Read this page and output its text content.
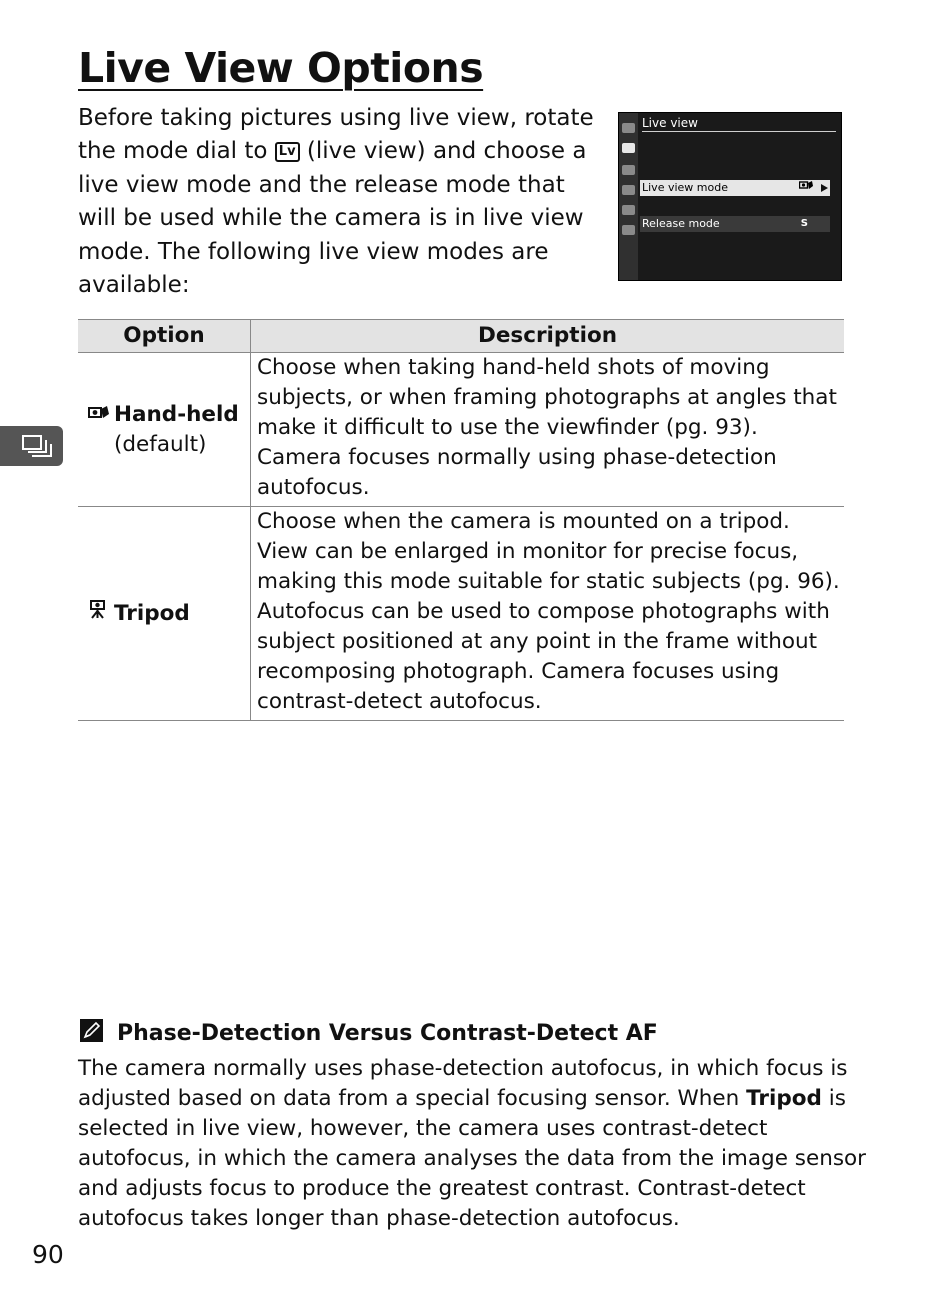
Live View Options

Before taking pictures using live view, rotate the mode dial to Lv (live view) and choose a live view mode and the release mode that will be used while the camera is in live view mode. The following live view modes are available:

Live view
Live view mode
Release mode	S
Option	Description

Hand-held
(default)	Choose when taking hand-held shots of moving subjects, or when framing photographs at angles that make it difficult to use the viewfinder (pg. 93). Camera focuses normally using phase-detection autofocus.

Tripod	Choose when the camera is mounted on a tripod. View can be enlarged in monitor for precise focus, making this mode suitable for static subjects (pg. 96). Autofocus can be used to compose photographs with subject positioned at any point in the frame without recomposing photograph. Camera focuses using contrast-detect autofocus.
Phase-Detection Versus Contrast-Detect AF

The camera normally uses phase-detection autofocus, in which focus is adjusted based on data from a special focusing sensor. When Tripod is selected in live view, however, the camera uses contrast-detect autofocus, in which the camera analyses the data from the image sensor and adjusts focus to produce the greatest contrast. Contrast-detect autofocus takes longer than phase-detection autofocus.

90
